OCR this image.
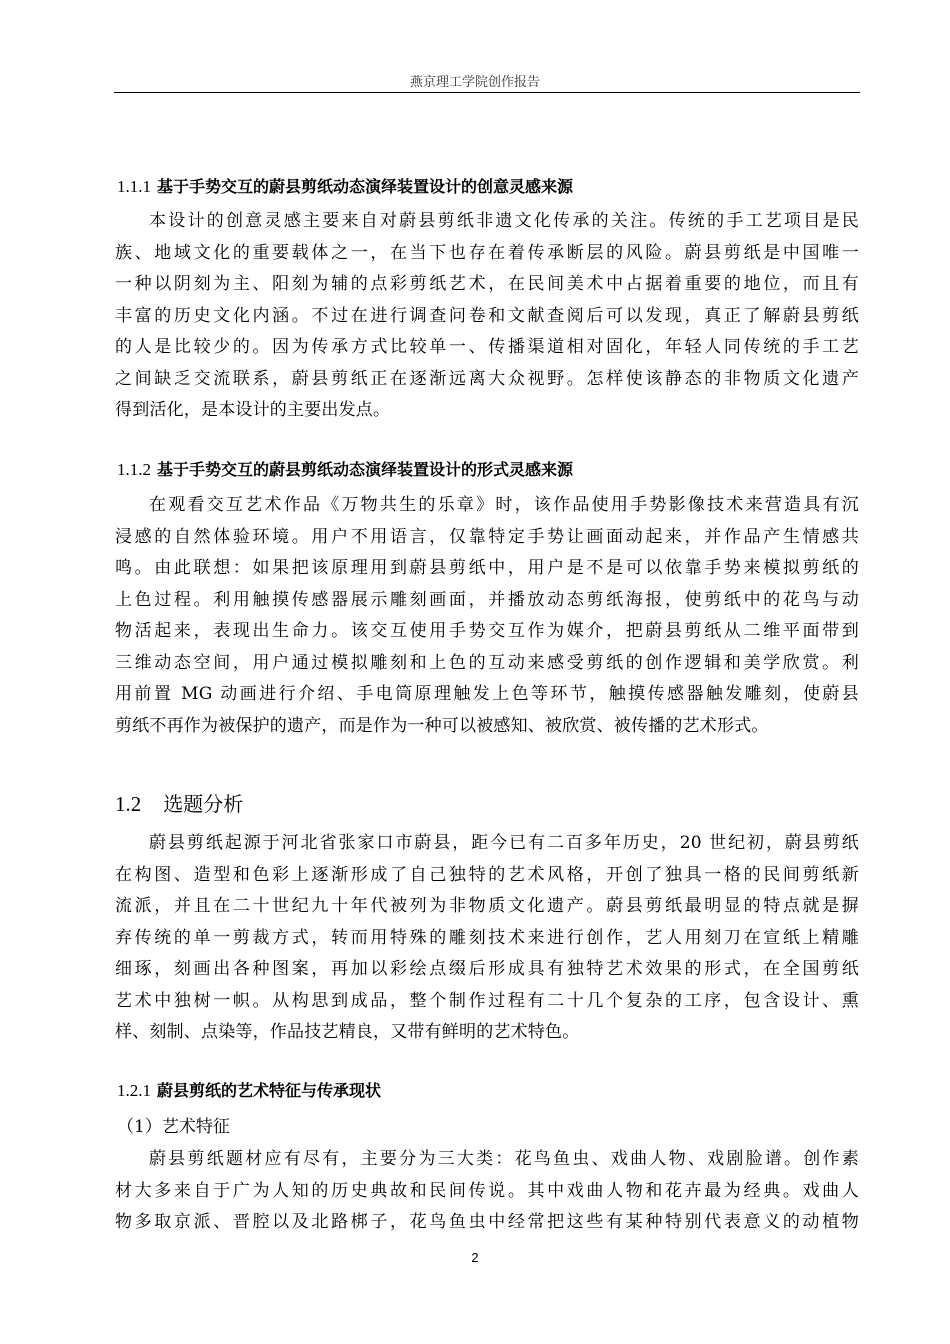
燕京理工学院创作报告
1.1.1 基于手势交互的蔚县剪纸动态演绎装置设计的创意灵感来源
本设计的创意灵感主要来自对蔚县剪纸非遗文化传承的关注。传统的手工艺项目是民
族、地域文化的重要载体之一，在当下也存在着传承断层的风险。蔚县剪纸是中国唯一
一种以阴刻为主、阳刻为辅的点彩剪纸艺术，在民间美术中占据着重要的地位，而且有
丰富的历史文化内涵。不过在进行调查问卷和文献查阅后可以发现，真正了解蔚县剪纸
的人是比较少的。因为传承方式比较单一、传播渠道相对固化，年轻人同传统的手工艺
之间缺乏交流联系，蔚县剪纸正在逐渐远离大众视野。怎样使该静态的非物质文化遗产
得到活化，是本设计的主要出发点。
1.1.2 基于手势交互的蔚县剪纸动态演绎装置设计的形式灵感来源
在观看交互艺术作品《万物共生的乐章》时，该作品使用手势影像技术来营造具有沉
浸感的自然体验环境。用户不用语言，仅靠特定手势让画面动起来，并作品产生情感共
鸣。由此联想：如果把该原理用到蔚县剪纸中，用户是不是可以依靠手势来模拟剪纸的
上色过程。利用触摸传感器展示雕刻画面，并播放动态剪纸海报，使剪纸中的花鸟与动
物活起来，表现出生命力。该交互使用手势交互作为媒介，把蔚县剪纸从二维平面带到
三维动态空间，用户通过模拟雕刻和上色的互动来感受剪纸的创作逻辑和美学欣赏。利
用前置 MG 动画进行介绍、手电筒原理触发上色等环节，触摸传感器触发雕刻，使蔚县
剪纸不再作为被保护的遗产，而是作为一种可以被感知、被欣赏、被传播的艺术形式。
1.2 选题分析
蔚县剪纸起源于河北省张家口市蔚县，距今已有二百多年历史，20 世纪初，蔚县剪纸
在构图、造型和色彩上逐渐形成了自己独特的艺术风格，开创了独具一格的民间剪纸新
流派，并且在二十世纪九十年代被列为非物质文化遗产。蔚县剪纸最明显的特点就是摒
弃传统的单一剪裁方式，转而用特殊的雕刻技术来进行创作，艺人用刻刀在宣纸上精雕
细琢，刻画出各种图案，再加以彩绘点缀后形成具有独特艺术效果的形式，在全国剪纸
艺术中独树一帜。从构思到成品，整个制作过程有二十几个复杂的工序，包含设计、熏
样、刻制、点染等，作品技艺精良，又带有鲜明的艺术特色。
1.2.1 蔚县剪纸的艺术特征与传承现状
（1）艺术特征
蔚县剪纸题材应有尽有，主要分为三大类：花鸟鱼虫、戏曲人物、戏剧脸谱。创作素
材大多来自于广为人知的历史典故和民间传说。其中戏曲人物和花卉最为经典。戏曲人
物多取京派、晋腔以及北路梆子，花鸟鱼虫中经常把这些有某种特别代表意义的动植物
2
